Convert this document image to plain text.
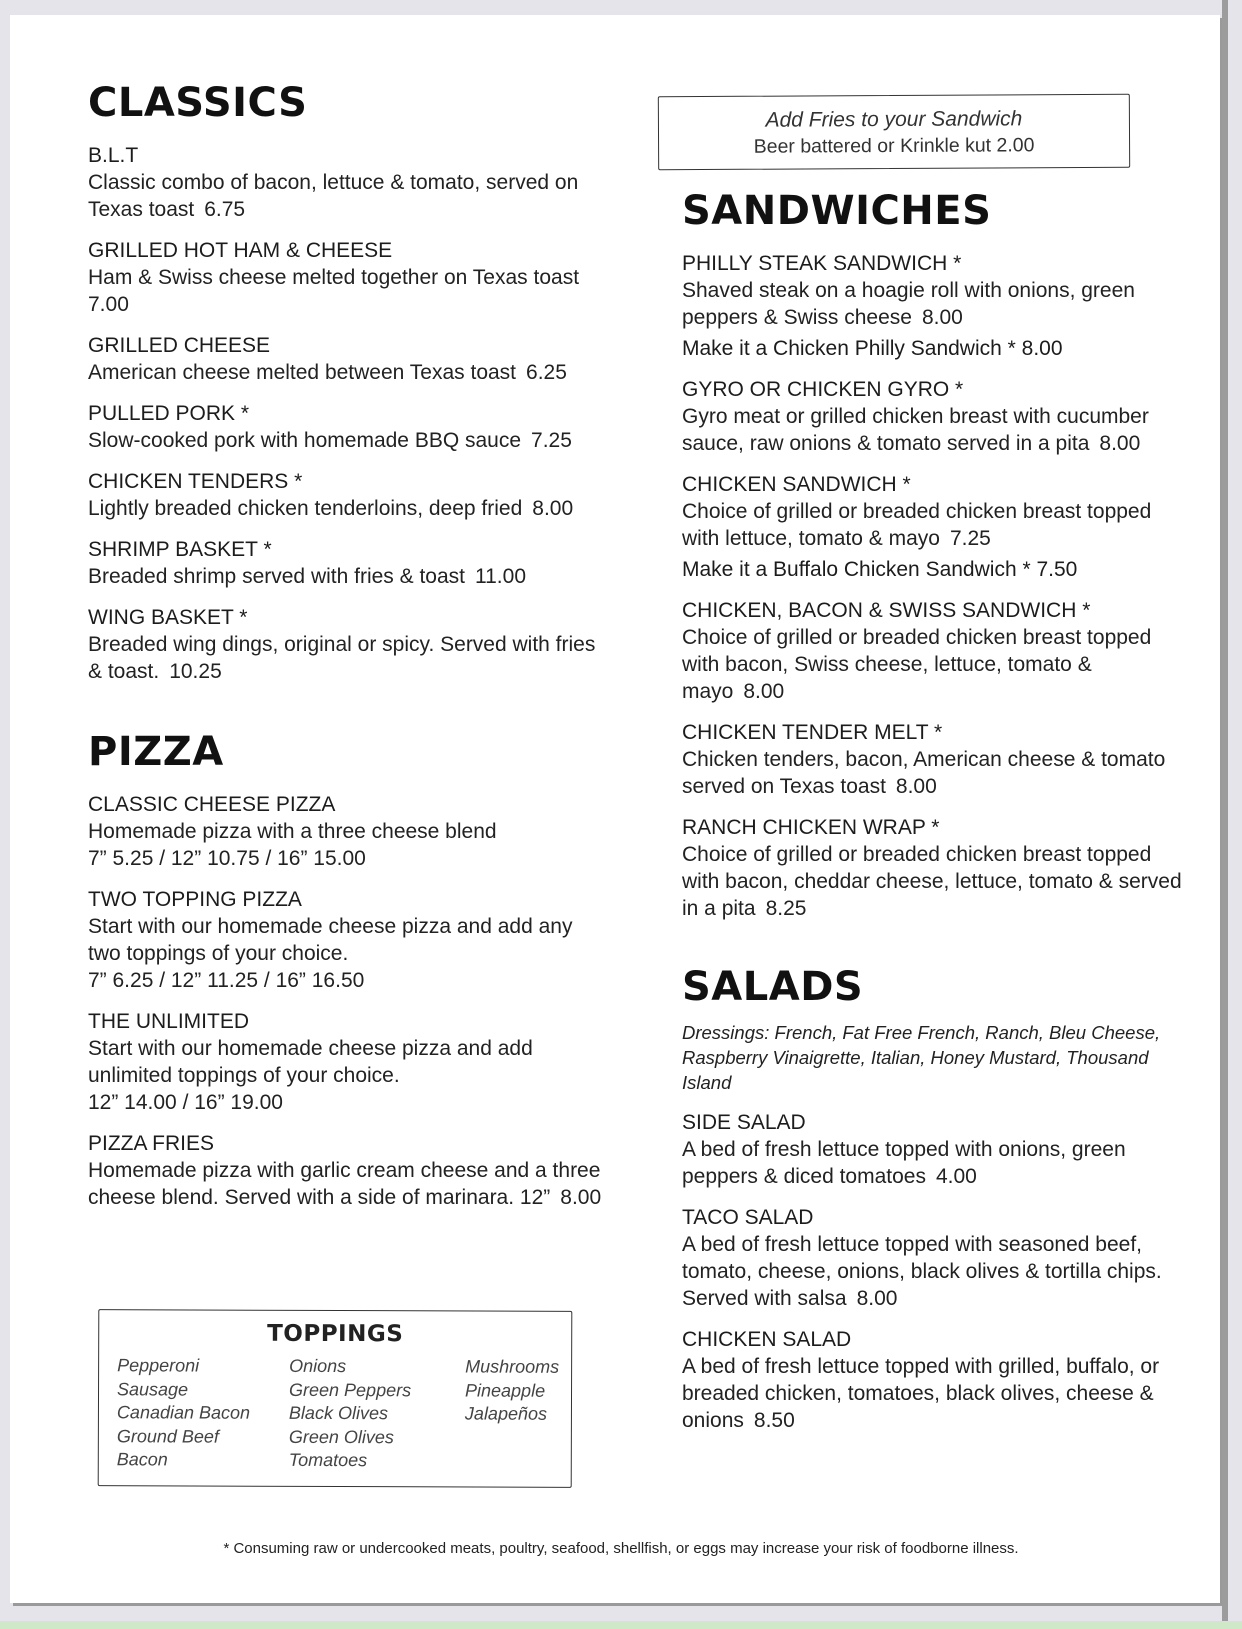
CLASSICS
B.L.T
Classic combo of bacon, lettuce & tomato, served on Texas toast 6.75
GRILLED HOT HAM & CHEESE
Ham & Swiss cheese melted together on Texas toast
7.00
GRILLED CHEESE
American cheese melted between Texas toast 6.25
PULLED PORK *
Slow-cooked pork with homemade BBQ sauce 7.25
CHICKEN TENDERS *
Lightly breaded chicken tenderloins, deep fried 8.00
SHRIMP BASKET *
Breaded shrimp served with fries & toast 11.00
WING BASKET *
Breaded wing dings, original or spicy. Served with fries & toast. 10.25
PIZZA
CLASSIC CHEESE PIZZA
Homemade pizza with a three cheese blend
7” 5.25 / 12” 10.75 / 16” 15.00
TWO TOPPING PIZZA
Start with our homemade cheese pizza and add any two toppings of your choice.
7” 6.25 / 12” 11.25 / 16” 16.50
THE UNLIMITED
Start with our homemade cheese pizza and add unlimited toppings of your choice.
12” 14.00 / 16” 19.00
PIZZA FRIES
Homemade pizza with garlic cream cheese and a three cheese blend. Served with a side of marinara. 12” 8.00
TOPPINGS
Pepperoni
Sausage
Canadian Bacon
Ground Beef
Bacon
Onions
Green Peppers
Black Olives
Green Olives
Tomatoes
Mushrooms
Pineapple
Jalapeños
Add Fries to your Sandwich
Beer battered or Krinkle kut 2.00
SANDWICHES
PHILLY STEAK SANDWICH *
Shaved steak on a hoagie roll with onions, green peppers & Swiss cheese 8.00
Make it a Chicken Philly Sandwich * 8.00
GYRO OR CHICKEN GYRO *
Gyro meat or grilled chicken breast with cucumber sauce, raw onions & tomato served in a pita 8.00
CHICKEN SANDWICH *
Choice of grilled or breaded chicken breast topped with lettuce, tomato & mayo 7.25
Make it a Buffalo Chicken Sandwich * 7.50
CHICKEN, BACON & SWISS SANDWICH *
Choice of grilled or breaded chicken breast topped with bacon, Swiss cheese, lettuce, tomato & mayo 8.00
CHICKEN TENDER MELT *
Chicken tenders, bacon, American cheese & tomato served on Texas toast 8.00
RANCH CHICKEN WRAP *
Choice of grilled or breaded chicken breast topped with bacon, cheddar cheese, lettuce, tomato & served in a pita 8.25
SALADS
Dressings: French, Fat Free French, Ranch, Bleu Cheese, Raspberry Vinaigrette, Italian, Honey Mustard, Thousand Island
SIDE SALAD
A bed of fresh lettuce topped with onions, green peppers & diced tomatoes 4.00
TACO SALAD
A bed of fresh lettuce topped with seasoned beef, tomato, cheese, onions, black olives & tortilla chips. Served with salsa 8.00
CHICKEN SALAD
A bed of fresh lettuce topped with grilled, buffalo, or breaded chicken, tomatoes, black olives, cheese & onions 8.50
* Consuming raw or undercooked meats, poultry, seafood, shellfish, or eggs may increase your risk of foodborne illness.
